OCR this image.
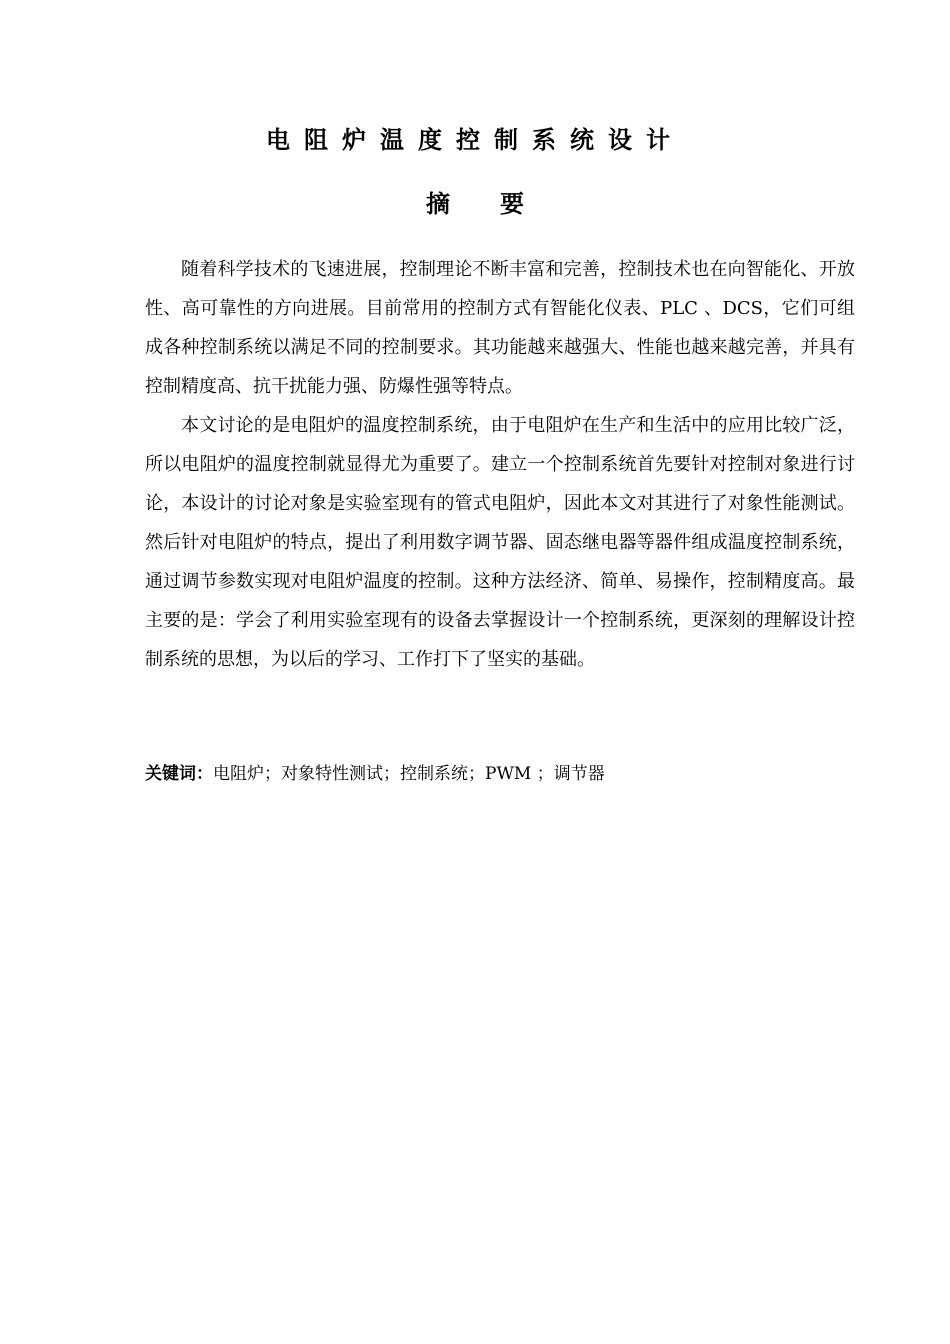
电阻炉温度控制系统设计
摘要

随着科学技术的飞速进展，控制理论不断丰富和完善，控制技术也在向智能化、开放性、高可靠性的方向进展。目前常用的控制方式有智能化仪表、PLC 、DCS，它们可组成各种控制系统以满足不同的控制要求。其功能越来越强大、性能也越来越完善，并具有控制精度高、抗干扰能力强、防爆性强等特点。

本文讨论的是电阻炉的温度控制系统，由于电阻炉在生产和生活中的应用比较广泛，所以电阻炉的温度控制就显得尤为重要了。建立一个控制系统首先要针对控制对象进行讨论，本设计的讨论对象是实验室现有的管式电阻炉，因此本文对其进行了对象性能测试。然后针对电阻炉的特点，提出了利用数字调节器、固态继电器等器件组成温度控制系统，通过调节参数实现对电阻炉温度的控制。这种方法经济、简单、易操作，控制精度高。最主要的是：学会了利用实验室现有的设备去掌握设计一个控制系统，更深刻的理解设计控制系统的思想，为以后的学习、工作打下了坚实的基础。

关键词：电阻炉；对象特性测试；控制系统；PWM ；调节器
